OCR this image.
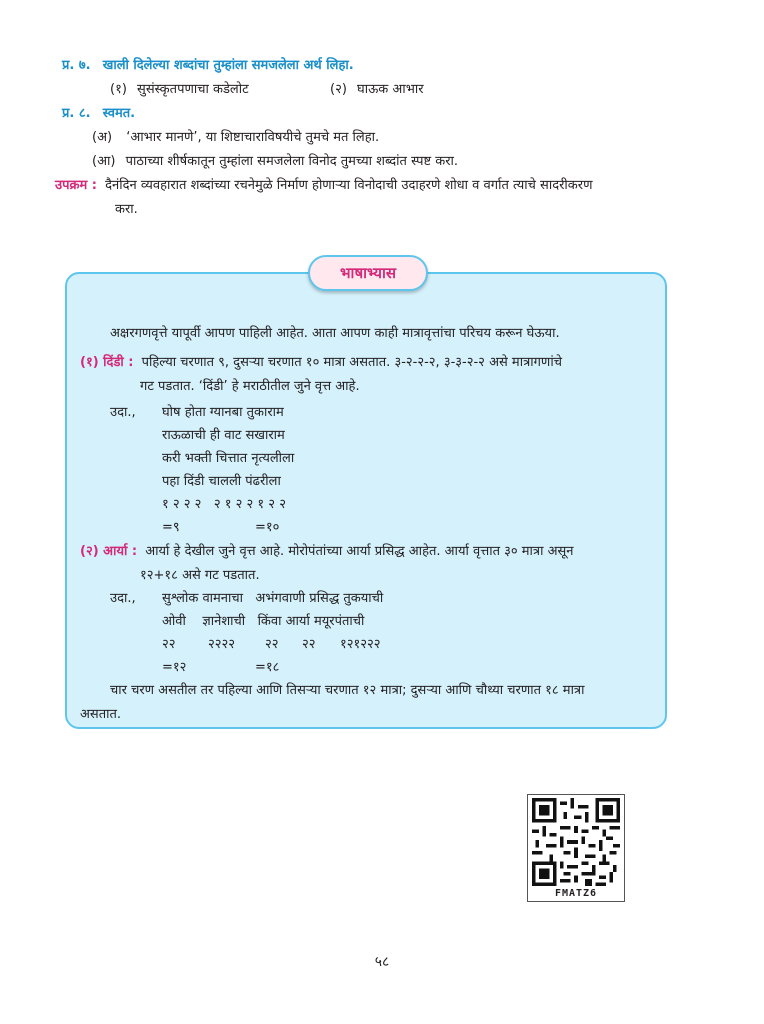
प्र. ७. खाली दिलेल्या शब्दांचा तुम्हांला समजलेला अर्थ लिहा.
(१) सुसंस्कृतपणाचा कडेलोट	(२) घाऊक आभार
प्र. ८. स्वमत.
(अ) ‘आभार मानणे’, या शिष्टाचाराविषयीचे तुमचे मत लिहा.
(आ) पाठाच्या शीर्षकातून तुम्हांला समजलेला विनोद तुमच्या शब्दांत स्पष्ट करा.
उपक्रम : दैनंदिन व्यवहारात शब्दांच्या रचनेमुळे निर्माण होणाऱ्या विनोदाची उदाहरणे शोधा व वर्गात त्याचे सादरीकरण
करा.
भाषाभ्यास
अक्षरगणवृत्ते यापूर्वी आपण पाहिली आहेत. आता आपण काही मात्रावृत्तांचा परिचय करून घेऊया.
(१) दिंडी : पहिल्या चरणात ९, दुसऱ्या चरणात १० मात्रा असतात. ३-२-२-२, ३-३-२-२ असे मात्रागणांचे
गट पडतात. ‘दिंडी’ हे मराठीतील जुने वृत्त आहे.
उदा., घोष होता ग्यानबा तुकाराम
राऊळाची ही वाट सखाराम
करी भक्ती चित्तात नृत्यलीला
पहा दिंडी चालली पंढरीला
१ २ २ २   २ १ २ २ १ २ २
=९	=१०
(२) आर्या : आर्या हे देखील जुने वृत्त आहे. मोरोपंतांच्या आर्या प्रसिद्ध आहेत. आर्या वृत्तात ३० मात्रा असून
१२+१८ असे गट पडतात.
उदा., सुश्लोक वामनाचा   अभंगवाणी प्रसिद्ध तुकयाची
ओवी    ज्ञानेशाची   किंवा आर्या मयूरपंताची
२२ २२२२ २२ २२ १२१२२२
=१२	=१८
चार चरण असतील तर पहिल्या आणि तिसऱ्या चरणात १२ मात्रा; दुसऱ्या आणि चौथ्या चरणात १८ मात्रा
असतात.
FMATZ6
५८
